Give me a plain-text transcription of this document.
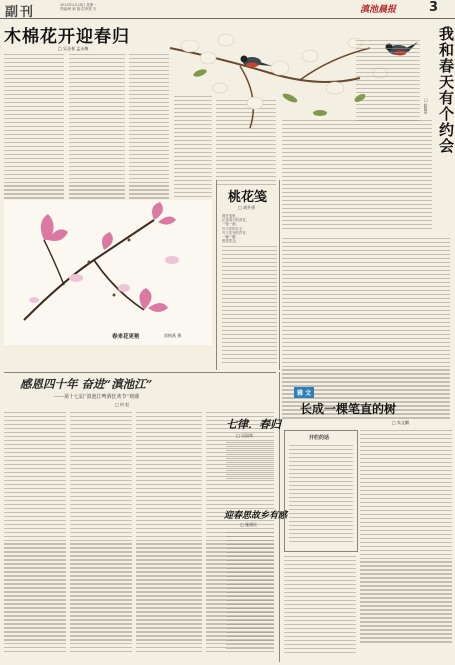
副刊	2025年2月24日 星期一
责编/杨 帆 版式/李建 川	滇池晨报	3
木棉花开迎春归
□ 吴圣春 孟永梅	我和春天有个约会
□ 赵凯奇
桃花笺
□ 胡升勇
我在笺里，
记录春天的消息，
一笔一画，
写下你的名字，
写下花开的声音，
一瓣一瓣，
都是思念。
春来花更艳	郭梅燕 摄
感恩四十年 奋进“滇池江”
——第十七届“滇池江啤酒狂欢节”观感
□ 何 虹
七律．春归
□ 吴国荣
迎春思故乡有感
□ 施建民
雅 文
长成一棵笔直的树
□ 朱文麒
开栏的话
